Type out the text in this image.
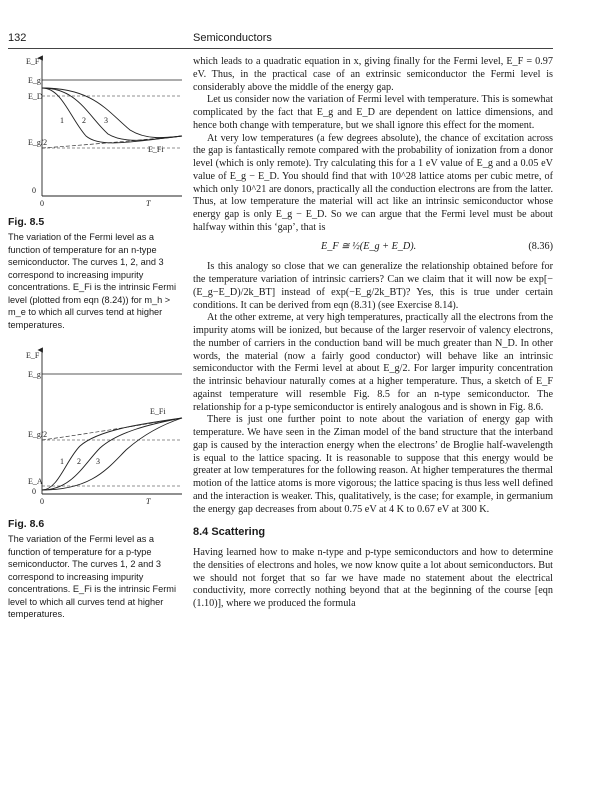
132	Semiconductors
E_F
E_g
E_D
E_g/2
E_Fi
0
0	T
1 2 3
Fig. 8.5
The variation of the Fermi level as a function of temperature for an n-type semiconductor. The curves 1, 2, and 3 correspond to increasing impurity concentrations. E_Fi is the intrinsic Fermi level (plotted from eqn (8.24)) for m_h > m_e to which all curves tend at higher temperatures.
E_F
E_g
E_g/2
E_A
E_Fi
0
0	T
1 2 3
Fig. 8.6
The variation of the Fermi level as a function of temperature for a p-type semiconductor. The curves 1, 2 and 3 correspond to increasing impurity concentrations. E_Fi is the intrinsic Fermi level to which all curves tend at higher temperatures.

which leads to a quadratic equation in x, giving finally for the Fermi level, E_F = 0.97 eV. Thus, in the practical case of an extrinsic semiconductor the Fermi level is considerably above the middle of the energy gap.

Let us consider now the variation of Fermi level with temperature. This is somewhat complicated by the fact that E_g and E_D are dependent on lattice dimensions, and hence both change with temperature, but we shall ignore this effect for the moment.

At very low temperatures (a few degrees absolute), the chance of excitation across the gap is fantastically remote compared with the probability of ionization from a donor level (which is only remote). Try calculating this for a 1 eV value of E_g and a 0.05 eV value of E_g − E_D. You should find that with 10^28 lattice atoms per cubic metre, of which only 10^21 are donors, practically all the conduction electrons are from the latter. Thus, at low temperature the material will act like an intrinsic semiconductor whose energy gap is only E_g − E_D. So we can argue that the Fermi level must be about halfway within this ‘gap’, that is

E_F ≅ ½(E_g + E_D).	(8.36)

Is this analogy so close that we can generalize the relationship obtained before for the temperature variation of intrinsic carriers? Can we claim that it will now be exp[−(E_g−E_D)/2k_BT] instead of exp(−E_g/2k_BT)? Yes, this is true under certain conditions. It can be derived from eqn (8.31) (see Exercise 8.14).

At the other extreme, at very high temperatures, practically all the electrons from the impurity atoms will be ionized, but because of the larger reservoir of valency electrons, the number of carriers in the conduction band will be much greater than N_D. In other words, the material (now a fairly good conductor) will behave like an intrinsic semiconductor with the Fermi level at about E_g/2. For larger impurity concentration the intrinsic behaviour naturally comes at a higher temperature. Thus, a sketch of E_F against temperature will resemble Fig. 8.5 for an n-type semiconductor. The relationship for a p-type semiconductor is entirely analogous and is shown in Fig. 8.6.

There is just one further point to note about the variation of energy gap with temperature. We have seen in the Ziman model of the band structure that the interband gap is caused by the interaction energy when the electrons’ de Broglie half-wavelength is equal to the lattice spacing. It is reasonable to suppose that this energy would be greater at low temperatures for the following reason. At higher temperatures the thermal motion of the lattice atoms is more vigorous; the lattice spacing is thus less well defined and the interaction is weaker. This, qualitatively, is the case; for example, in germanium the energy gap decreases from about 0.75 eV at 4 K to 0.67 eV at 300 K.

8.4 Scattering

Having learned how to make n-type and p-type semiconductors and how to determine the densities of electrons and holes, we now know quite a lot about semiconductors. But we should not forget that so far we have made no statement about the electrical conductivity, more correctly nothing beyond that at the beginning of the course [eqn (1.10)], where we produced the formula
